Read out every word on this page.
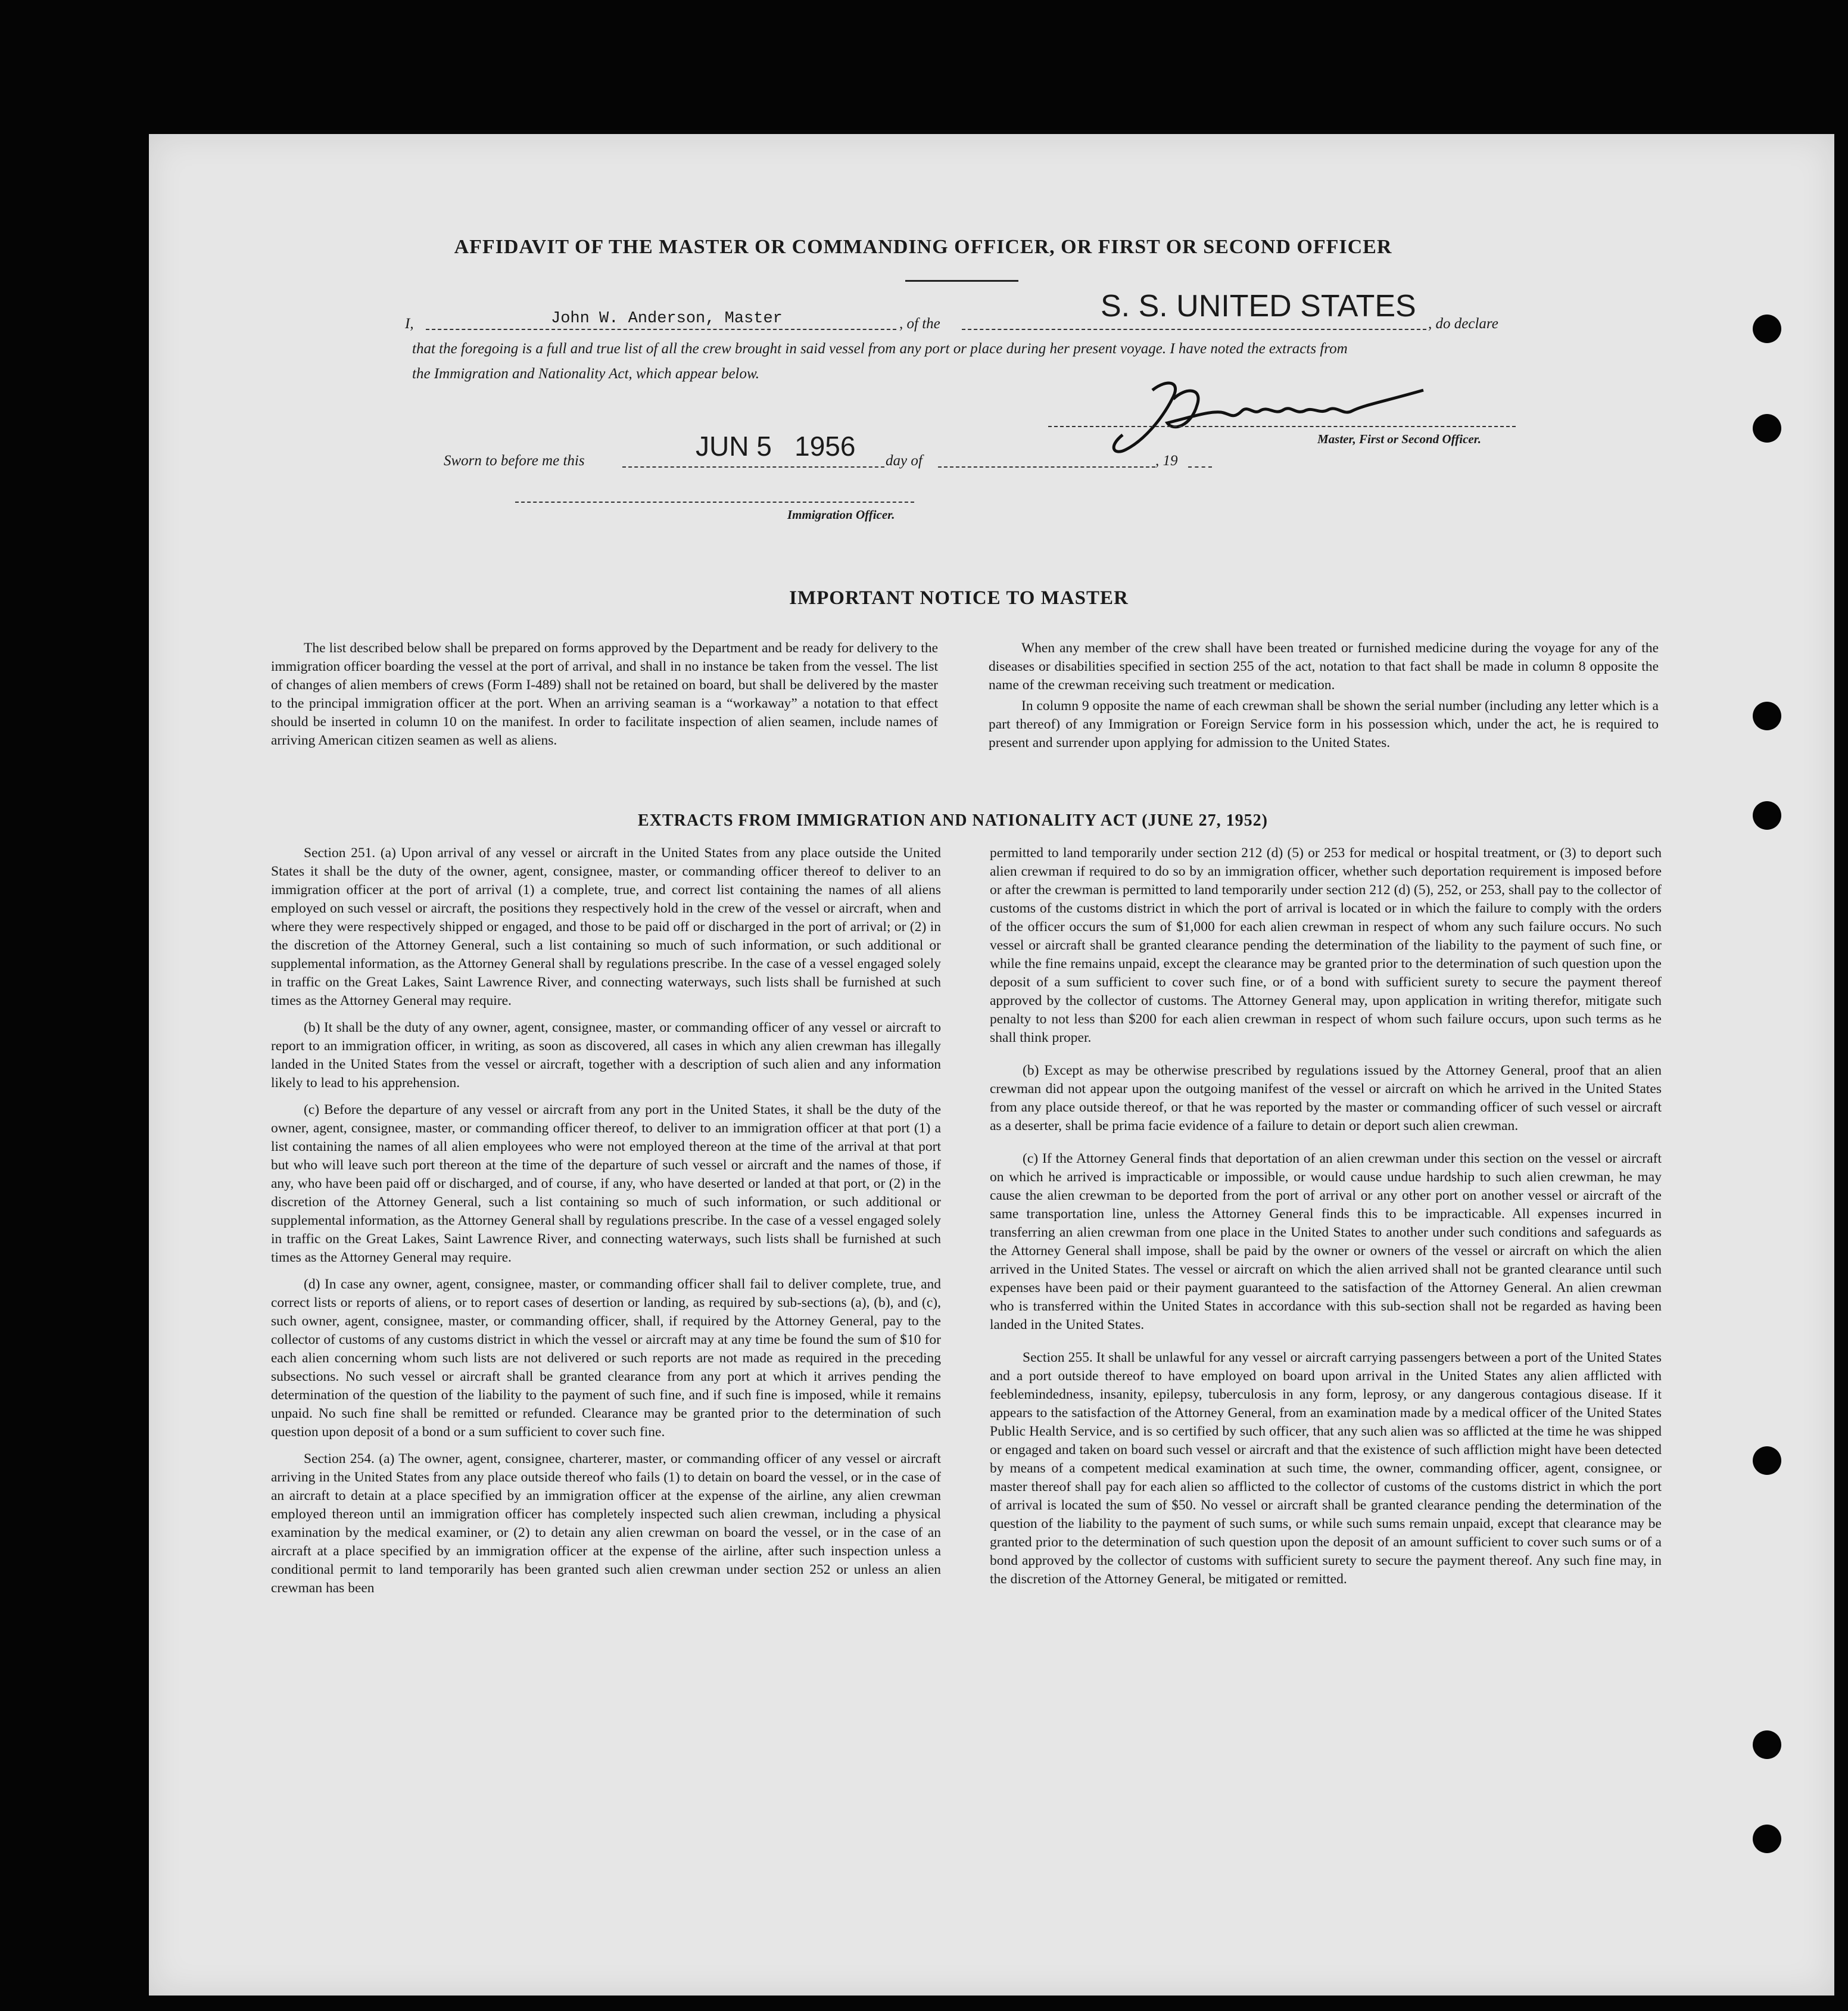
AFFIDAVIT OF THE MASTER OR COMMANDING OFFICER, OR FIRST OR SECOND OFFICER
I,	John W. Anderson, Master	, of the
S. S. UNITED STATES
, do declare
that the foregoing is a full and true list of all the crew brought in said vessel from any port or place during her present voyage. I have noted the extracts from
the Immigration and Nationality Act, which appear below.
Master, First or Second Officer.
Sworn to before me this	JUN 5   1956 day of	, 19
Immigration Officer.
IMPORTANT NOTICE TO MASTER

The list described below shall be prepared on forms approved by the Department and be ready for delivery to the immigration officer boarding the vessel at the port of arrival, and shall in no instance be taken from the vessel. The list of changes of alien members of crews (Form I-489) shall not be retained on board, but shall be delivered by the master to the principal immigration officer at the port. When an arriving seaman is a “workaway” a notation to that effect should be inserted in column 10 on the manifest. In order to facilitate inspection of alien seamen, include names of arriving American citizen seamen as well as aliens.

When any member of the crew shall have been treated or furnished medicine during the voyage for any of the diseases or disabilities specified in section 255 of the act, notation to that fact shall be made in column 8 opposite the name of the crewman receiving such treatment or medication.

In column 9 opposite the name of each crewman shall be shown the serial number (including any letter which is a part thereof) of any Immigration or Foreign Service form in his possession which, under the act, he is required to present and surrender upon applying for admission to the United States.

EXTRACTS FROM IMMIGRATION AND NATIONALITY ACT (JUNE 27, 1952)

Section 251. (a) Upon arrival of any vessel or aircraft in the United States from any place outside the United States it shall be the duty of the owner, agent, consignee, master, or commanding officer thereof to deliver to an immigration officer at the port of arrival (1) a complete, true, and correct list containing the names of all aliens employed on such vessel or aircraft, the positions they respectively hold in the crew of the vessel or aircraft, when and where they were respectively shipped or engaged, and those to be paid off or discharged in the port of arrival; or (2) in the discretion of the Attorney General, such a list containing so much of such information, or such additional or supplemental information, as the Attorney General shall by regulations prescribe. In the case of a vessel engaged solely in traffic on the Great Lakes, Saint Lawrence River, and connecting waterways, such lists shall be furnished at such times as the Attorney General may require.

(b) It shall be the duty of any owner, agent, consignee, master, or commanding officer of any vessel or aircraft to report to an immigration officer, in writing, as soon as discovered, all cases in which any alien crewman has illegally landed in the United States from the vessel or aircraft, together with a description of such alien and any information likely to lead to his apprehension.

(c) Before the departure of any vessel or aircraft from any port in the United States, it shall be the duty of the owner, agent, consignee, master, or commanding officer thereof, to deliver to an immigration officer at that port (1) a list containing the names of all alien employees who were not employed thereon at the time of the arrival at that port but who will leave such port thereon at the time of the departure of such vessel or aircraft and the names of those, if any, who have been paid off or discharged, and of course, if any, who have deserted or landed at that port, or (2) in the discretion of the Attorney General, such a list containing so much of such information, or such additional or supplemental information, as the Attorney General shall by regulations prescribe. In the case of a vessel engaged solely in traffic on the Great Lakes, Saint Lawrence River, and connecting waterways, such lists shall be furnished at such times as the Attorney General may require.

(d) In case any owner, agent, consignee, master, or commanding officer shall fail to deliver complete, true, and correct lists or reports of aliens, or to report cases of desertion or landing, as required by sub-sections (a), (b), and (c), such owner, agent, consignee, master, or commanding officer, shall, if required by the Attorney General, pay to the collector of customs of any customs district in which the vessel or aircraft may at any time be found the sum of $10 for each alien concerning whom such lists are not delivered or such reports are not made as required in the preceding subsections. No such vessel or aircraft shall be granted clearance from any port at which it arrives pending the determination of the question of the liability to the payment of such fine, and if such fine is imposed, while it remains unpaid. No such fine shall be remitted or refunded. Clearance may be granted prior to the determination of such question upon deposit of a bond or a sum sufficient to cover such fine.

Section 254. (a) The owner, agent, consignee, charterer, master, or commanding officer of any vessel or aircraft arriving in the United States from any place outside thereof who fails (1) to detain on board the vessel, or in the case of an aircraft to detain at a place specified by an immigration officer at the expense of the airline, any alien crewman employed thereon until an immigration officer has completely inspected such alien crewman, including a physical examination by the medical examiner, or (2) to detain any alien crewman on board the vessel, or in the case of an aircraft at a place specified by an immigration officer at the expense of the airline, after such inspection unless a conditional permit to land temporarily has been granted such alien crewman under section 252 or unless an alien crewman has been

permitted to land temporarily under section 212 (d) (5) or 253 for medical or hospital treatment, or (3) to deport such alien crewman if required to do so by an immigration officer, whether such deportation requirement is imposed before or after the crewman is permitted to land temporarily under section 212 (d) (5), 252, or 253, shall pay to the collector of customs of the customs district in which the port of arrival is located or in which the failure to comply with the orders of the officer occurs the sum of $1,000 for each alien crewman in respect of whom any such failure occurs. No such vessel or aircraft shall be granted clearance pending the determination of the liability to the payment of such fine, or while the fine remains unpaid, except the clearance may be granted prior to the determination of such question upon the deposit of a sum sufficient to cover such fine, or of a bond with sufficient surety to secure the payment thereof approved by the collector of customs. The Attorney General may, upon application in writing therefor, mitigate such penalty to not less than $200 for each alien crewman in respect of whom such failure occurs, upon such terms as he shall think proper.

(b) Except as may be otherwise prescribed by regulations issued by the Attorney General, proof that an alien crewman did not appear upon the outgoing manifest of the vessel or aircraft on which he arrived in the United States from any place outside thereof, or that he was reported by the master or commanding officer of such vessel or aircraft as a deserter, shall be prima facie evidence of a failure to detain or deport such alien crewman.

(c) If the Attorney General finds that deportation of an alien crewman under this section on the vessel or aircraft on which he arrived is impracticable or impossible, or would cause undue hardship to such alien crewman, he may cause the alien crewman to be deported from the port of arrival or any other port on another vessel or aircraft of the same transportation line, unless the Attorney General finds this to be impracticable. All expenses incurred in transferring an alien crewman from one place in the United States to another under such conditions and safeguards as the Attorney General shall impose, shall be paid by the owner or owners of the vessel or aircraft on which the alien arrived in the United States. The vessel or aircraft on which the alien arrived shall not be granted clearance until such expenses have been paid or their payment guaranteed to the satisfaction of the Attorney General. An alien crewman who is transferred within the United States in accordance with this sub-section shall not be regarded as having been landed in the United States.

Section 255. It shall be unlawful for any vessel or aircraft carrying passengers between a port of the United States and a port outside thereof to have employed on board upon arrival in the United States any alien afflicted with feeblemindedness, insanity, epilepsy, tuberculosis in any form, leprosy, or any dangerous contagious disease. If it appears to the satisfaction of the Attorney General, from an examination made by a medical officer of the United States Public Health Service, and is so certified by such officer, that any such alien was so afflicted at the time he was shipped or engaged and taken on board such vessel or aircraft and that the existence of such affliction might have been detected by means of a competent medical examination at such time, the owner, commanding officer, agent, consignee, or master thereof shall pay for each alien so afflicted to the collector of customs of the customs district in which the port of arrival is located the sum of $50. No vessel or aircraft shall be granted clearance pending the determination of the question of the liability to the payment of such sums, or while such sums remain unpaid, except that clearance may be granted prior to the determination of such question upon the deposit of an amount sufficient to cover such sums or of a bond approved by the collector of customs with sufficient surety to secure the payment thereof. Any such fine may, in the discretion of the Attorney General, be mitigated or remitted.
